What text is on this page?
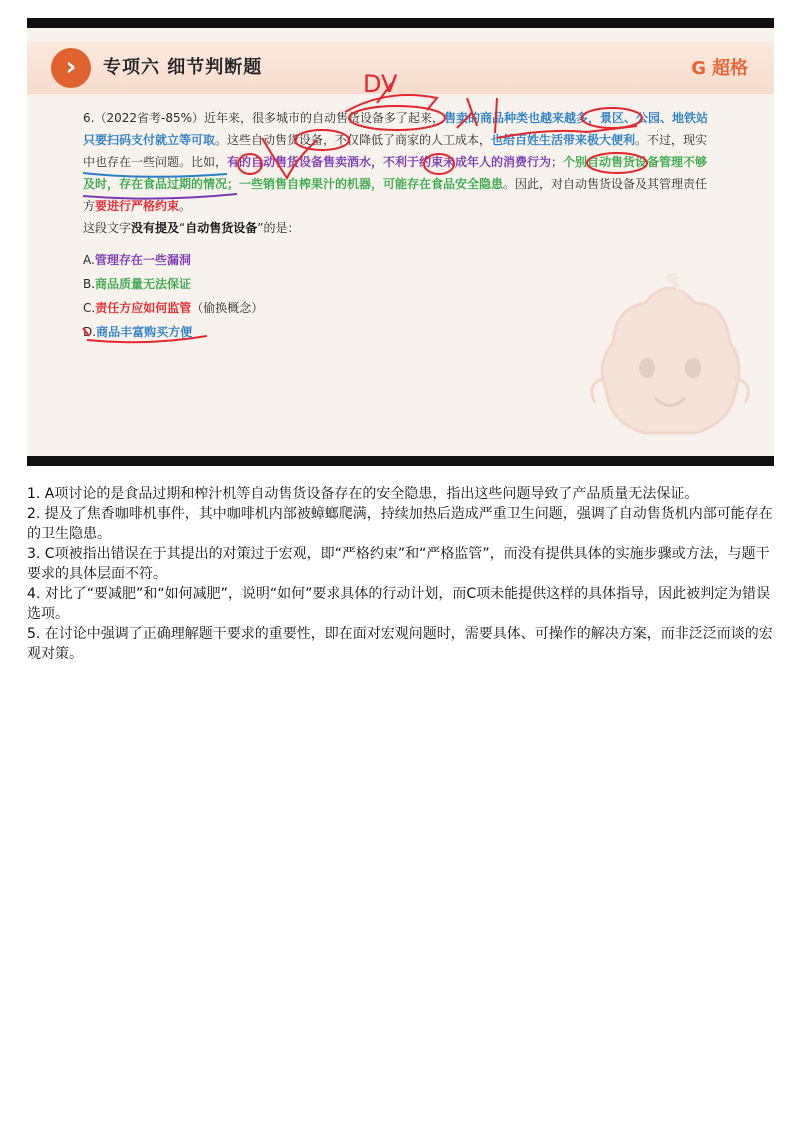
›	专项六 细节判断题	G 超格

6.（2022省考-85%）近年来，很多城市的自动售货设备多了起来，售卖的商品种类也越来越多，景区、公园、地铁站只要扫码支付就立等可取。这些自动售货设备，不仅降低了商家的人工成本，也给百姓生活带来极大便利。不过，现实中也存在一些问题。比如，有的自动售货设备售卖酒水，不利于约束未成年人的消费行为；个别自动售货设备管理不够及时，存在食品过期的情况；一些销售自榨果汁的机器，可能存在食品安全隐患。因此，对自动售货设备及其管理责任方要进行严格约束。

这段文字没有提及“自动售货设备”的是：

A.管理存在一些漏洞
B.商品质量无法保证
C.责任方应如何监管（偷换概念）
D.商品丰富购买方便
DV

1. A项讨论的是食品过期和榨汁机等自动售货设备存在的安全隐患，指出这些问题导致了产品质量无法保证。

2. 提及了焦香咖啡机事件，其中咖啡机内部被蟑螂爬满，持续加热后造成严重卫生问题，强调了自动售货机内部可能存在的卫生隐患。

3. C项被指出错误在于其提出的对策过于宏观，即“严格约束”和“严格监管”，而没有提供具体的实施步骤或方法，与题干要求的具体层面不符。

4. 对比了“要减肥”和“如何减肥”，说明“如何”要求具体的行动计划，而C项未能提供这样的具体指导，因此被判定为错误选项。

5. 在讨论中强调了正确理解题干要求的重要性，即在面对宏观问题时，需要具体、可操作的解决方案，而非泛泛而谈的宏观对策。
